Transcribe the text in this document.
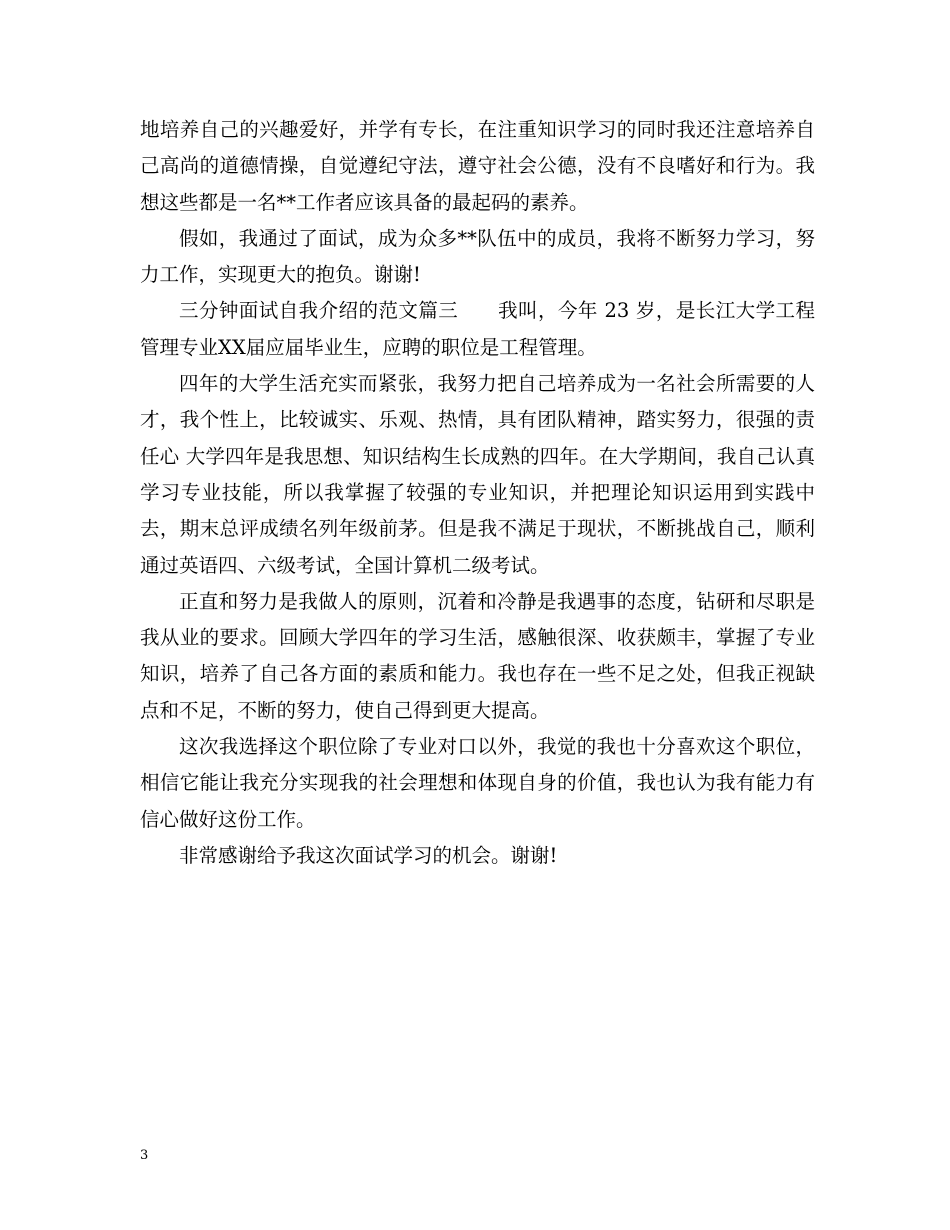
地培养自己的兴趣爱好，并学有专长，在注重知识学习的同时我还注意培养自己高尚的道德情操，自觉遵纪守法，遵守社会公德，没有不良嗜好和行为。我想这些都是一名**工作者应该具备的最起码的素养。

假如，我通过了面试，成为众多**队伍中的成员，我将不断努力学习，努力工作，实现更大的抱负。谢谢!

三分钟面试自我介绍的范文篇三　　我叫，今年 23 岁，是长江大学工程管理专业XX届应届毕业生，应聘的职位是工程管理。

四年的大学生活充实而紧张，我努力把自己培养成为一名社会所需要的人才，我个性上，比较诚实、乐观、热情，具有团队精神，踏实努力，很强的责任心 大学四年是我思想、知识结构生长成熟的四年。在大学期间，我自己认真学习专业技能，所以我掌握了较强的专业知识，并把理论知识运用到实践中去，期末总评成绩名列年级前茅。但是我不满足于现状，不断挑战自己，顺利通过英语四、六级考试，全国计算机二级考试。

正直和努力是我做人的原则，沉着和冷静是我遇事的态度，钻研和尽职是我从业的要求。回顾大学四年的学习生活，感触很深、收获颇丰，掌握了专业知识，培养了自己各方面的素质和能力。我也存在一些不足之处，但我正视缺点和不足，不断的努力，使自己得到更大提高。

这次我选择这个职位除了专业对口以外，我觉的我也十分喜欢这个职位，相信它能让我充分实现我的社会理想和体现自身的价值，我也认为我有能力有信心做好这份工作。

非常感谢给予我这次面试学习的机会。谢谢!

3
